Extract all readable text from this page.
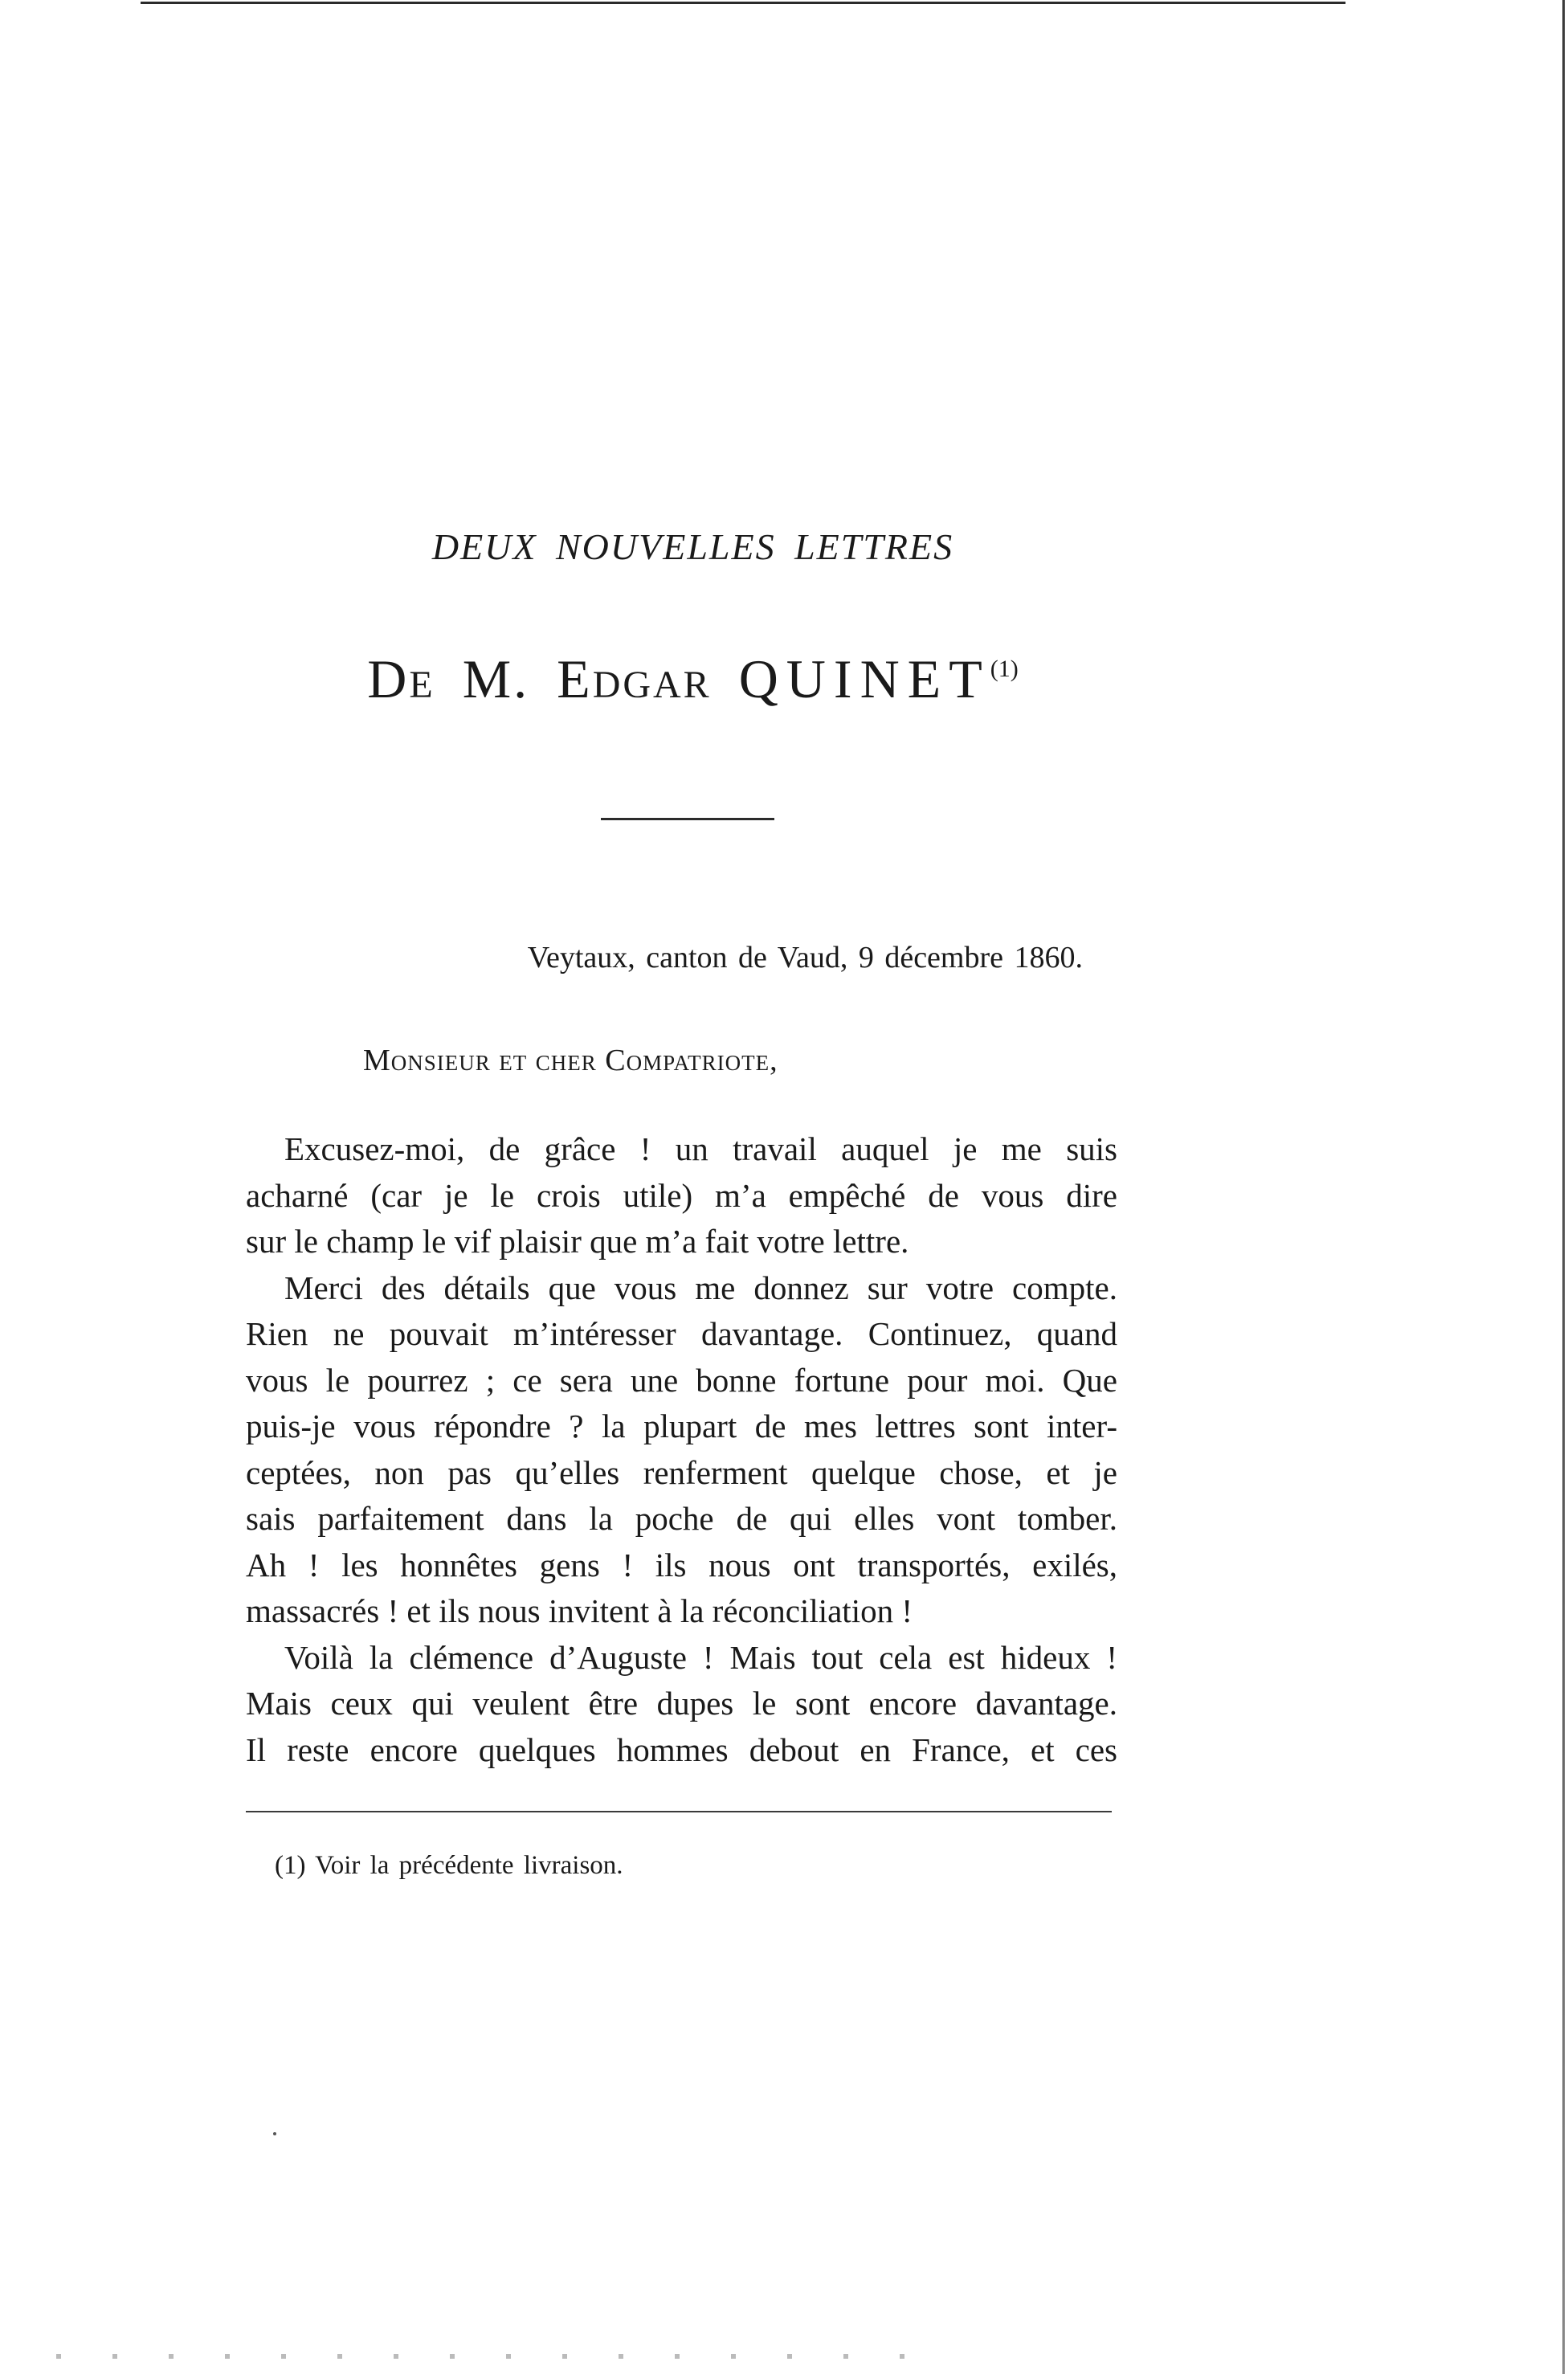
DEUX NOUVELLES LETTRES
De M. Edgar QUINET$^{(1)}$
Veytaux, canton de Vaud, 9 décembre 1860.
Monsieur et cher Compatriote,

Excusez-moi, de grâce ! un travail auquel je me suis
acharné (car je le crois utile) m’a empêché de vous dire
sur le champ le vif plaisir que m’a fait votre lettre.

Merci des détails que vous me donnez sur votre compte.
Rien ne pouvait m’intéresser davantage. Continuez, quand
vous le pourrez ; ce sera une bonne fortune pour moi. Que
puis-je vous répondre ? la plupart de mes lettres sont inter-
ceptées, non pas qu’elles renferment quelque chose, et je
sais parfaitement dans la poche de qui elles vont tomber.
Ah ! les honnêtes gens ! ils nous ont transportés, exilés,
massacrés ! et ils nous invitent à la réconciliation !

Voilà la clémence d’Auguste ! Mais tout cela est hideux !
Mais ceux qui veulent être dupes le sont encore davantage.
Il reste encore quelques hommes debout en France, et ces

(1) Voir la précédente livraison.
